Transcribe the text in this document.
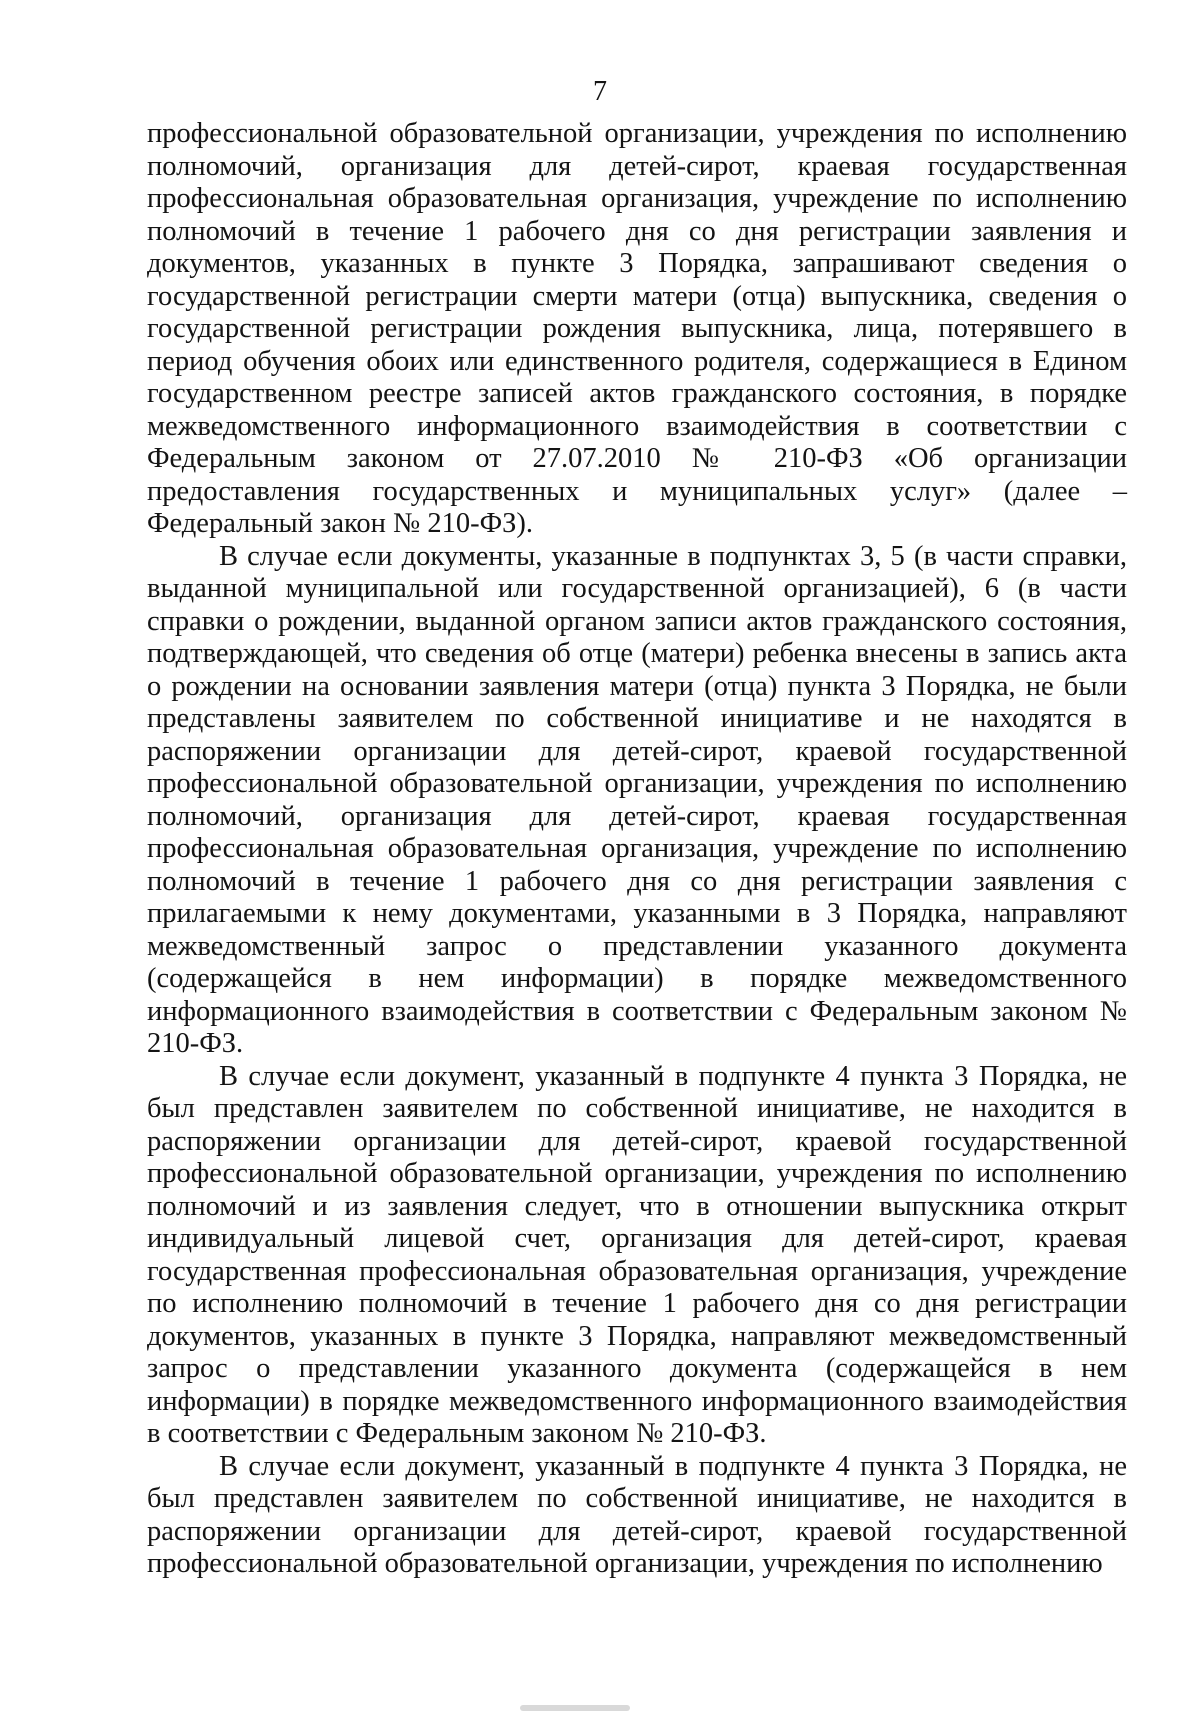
7

профессиональной образовательной организации, учреждения по исполнению полномочий, организация для детей-сирот, краевая государственная профессиональная образовательная организация, учреждение по исполнению полномочий в течение 1 рабочего дня со дня регистрации заявления и документов, указанных в пункте 3 Порядка, запрашивают сведения о государственной регистрации смерти матери (отца) выпускника, сведения о государственной регистрации рождения выпускника, лица, потерявшего в период обучения обоих или единственного родителя, содержащиеся в Едином государственном реестре записей актов гражданского состояния, в порядке межведомственного информационного взаимодействия в соответствии с Федеральным законом от 27.07.2010 № 210-ФЗ «Об организации предоставления государственных и муниципальных услуг» (далее – Федеральный закон № 210-ФЗ).

В случае если документы, указанные в подпунктах 3, 5 (в части справки, выданной муниципальной или государственной организацией), 6 (в части справки о рождении, выданной органом записи актов гражданского состояния, подтверждающей, что сведения об отце (матери) ребенка внесены в запись акта о рождении на основании заявления матери (отца) пункта 3 Порядка, не были представлены заявителем по собственной инициативе и не находятся в распоряжении организации для детей-сирот, краевой государственной профессиональной образовательной организации, учреждения по исполнению полномочий, организация для детей-сирот, краевая государственная профессиональная образовательная организация, учреждение по исполнению полномочий в течение 1 рабочего дня со дня регистрации заявления с прилагаемыми к нему документами, указанными в 3 Порядка, направляют межведомственный запрос о представлении указанного документа (содержащейся в нем информации) в порядке межведомственного информационного взаимодействия в соответствии с Федеральным законом № 210-ФЗ.

В случае если документ, указанный в подпункте 4 пункта 3 Порядка, не был представлен заявителем по собственной инициативе, не находится в распоряжении организации для детей-сирот, краевой государственной профессиональной образовательной организации, учреждения по исполнению полномочий и из заявления следует, что в отношении выпускника открыт индивидуальный лицевой счет, организация для детей-сирот, краевая государственная профессиональная образовательная организация, учреждение по исполнению полномочий в течение 1 рабочего дня со дня регистрации документов, указанных в пункте 3 Порядка, направляют межведомственный запрос о представлении указанного документа (содержащейся в нем информации) в порядке межведомственного информационного взаимодействия в соответствии с Федеральным законом № 210-ФЗ.

В случае если документ, указанный в подпункте 4 пункта 3 Порядка, не был представлен заявителем по собственной инициативе, не находится в распоряжении организации для детей-сирот, краевой государственной профессиональной образовательной организации, учреждения по исполнению
